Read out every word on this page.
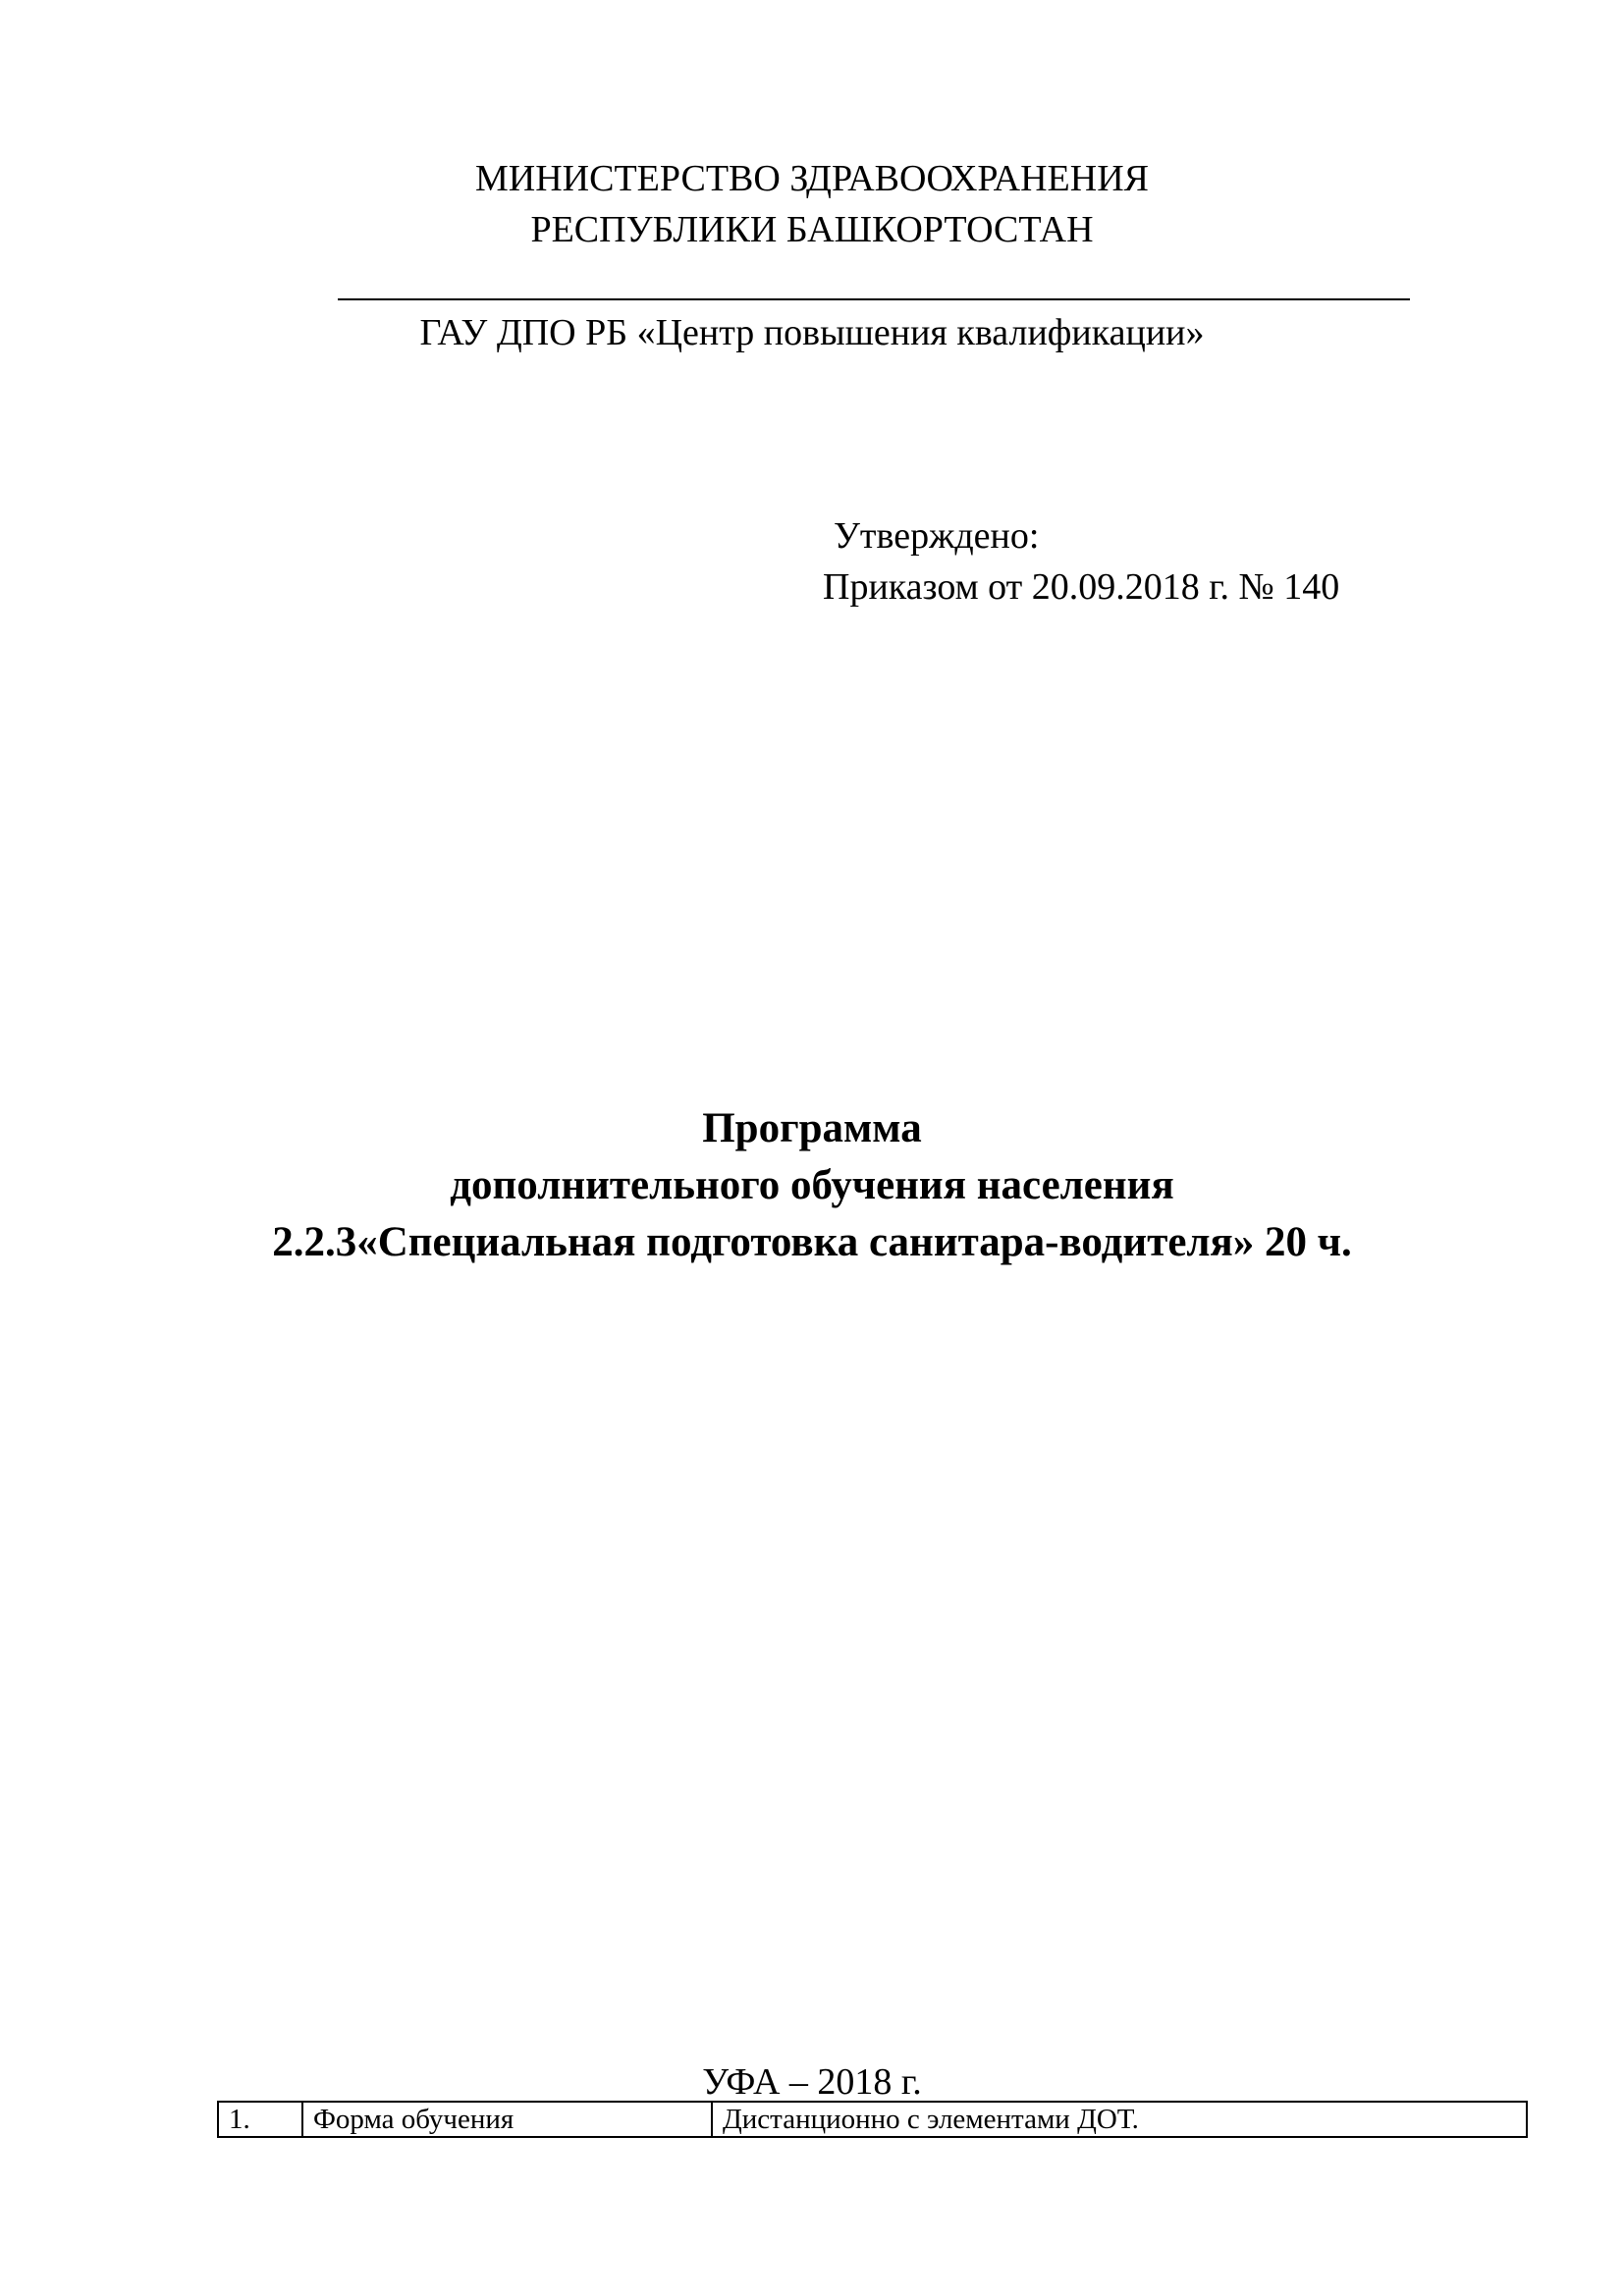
МИНИСТЕРСТВО ЗДРАВООХРАНЕНИЯ
РЕСПУБЛИКИ БАШКОРТОСТАН
ГАУ ДПО РБ «Центр повышения квалификации»
Утверждено:
Приказом от 20.09.2018 г. № 140
Программа
дополнительного обучения населения
2.2.3«Специальная подготовка санитара-водителя» 20 ч.
УФА – 2018 г.
1.	Форма обучения	Дистанционно с элементами ДОТ.
